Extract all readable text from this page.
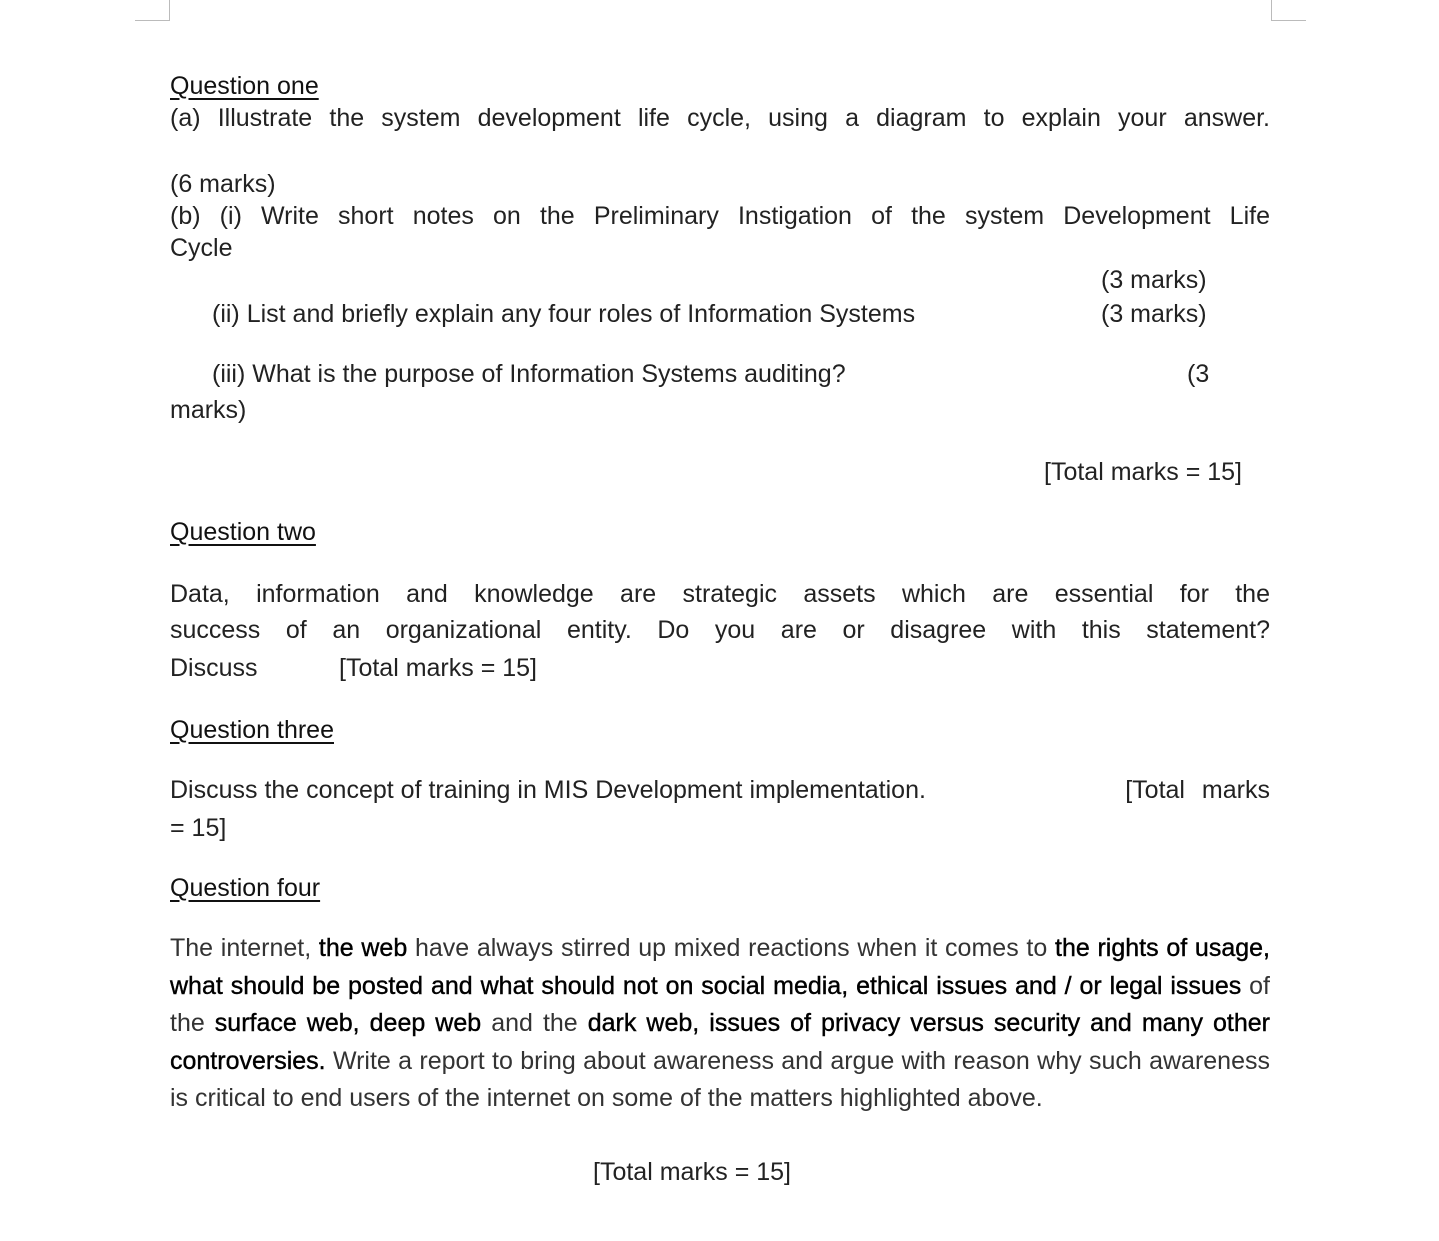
Question one
(a) Illustrate the system development life cycle, using a diagram to explain your answer.
(6 marks)
(b) (i) Write short notes on the Preliminary Instigation of the system Development Life
Cycle
(3 marks)
(ii) List and briefly explain any four roles of Information Systems	(3 marks)
(iii) What is the purpose of Information Systems auditing?	(3
marks)
[Total marks = 15]
Question two
Data, information and knowledge are strategic assets which are essential for the
success of an organizational entity. Do you are or disagree with this statement?
Discuss	[Total marks = 15]
Question three
Discuss the concept of training in MIS Development implementation.	[Total marks
= 15]
Question four
The internet, the web have always stirred up mixed reactions when it comes to the rights of usage, what should be posted and what should not on social media, ethical issues and / or legal issues of the surface web, deep web and the dark web, issues of privacy versus security and many other controversies. Write a report to bring about awareness and argue with reason why such awareness is critical to end users of the internet on some of the matters highlighted above.
[Total marks = 15]
